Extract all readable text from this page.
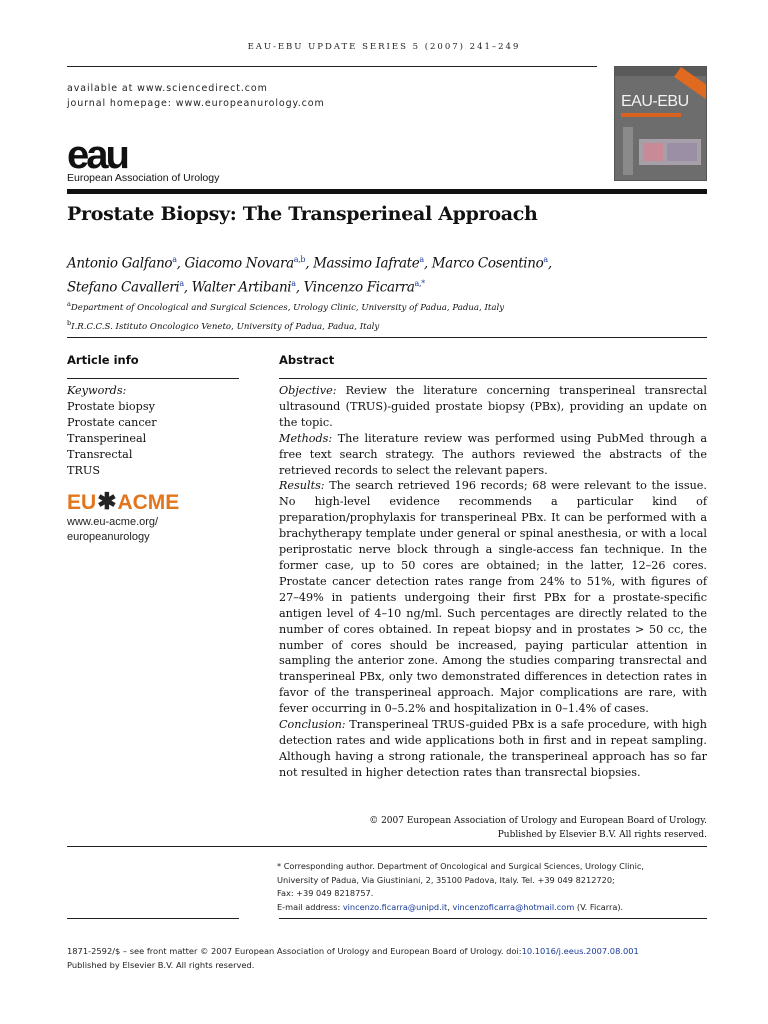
EAU-EBU UPDATE SERIES 5 (2007) 241–249
available at www.sciencedirect.com
journal homepage: www.europeanurology.com
eau
European Association of Urology
EAU-EBU
Prostate Biopsy: The Transperineal Approach
Antonio Galfano$^a$, Giacomo Novara$^{a,b}$, Massimo Iafrate$^a$, Marco Cosentino$^a$,
Stefano Cavalleri$^a$, Walter Artibani$^a$, Vincenzo Ficarra$^{a,*}$
$^a$Department of Oncological and Surgical Sciences, Urology Clinic, University of Padua, Padua, Italy
$^b$I.R.C.C.S. Istituto Oncologico Veneto, University of Padua, Padua, Italy
Article info	Abstract
Keywords:
Prostate biopsy
Prostate cancer
Transperineal
Transrectal
TRUS
EU✱ACME
www.eu-acme.org/
europeanurology

Objective: Review the literature concerning transperineal transrectal ultrasound (TRUS)-guided prostate biopsy (PBx), providing an update on the topic.

Methods: The literature review was performed using PubMed through a free text search strategy. The authors reviewed the abstracts of the retrieved records to select the relevant papers.

Results: The search retrieved 196 records; 68 were relevant to the issue. No high-level evidence recommends a particular kind of preparation/prophylaxis for transperineal PBx. It can be performed with a brachytherapy template under general or spinal anesthesia, or with a local periprostatic nerve block through a single-access fan technique. In the former case, up to 50 cores are obtained; in the latter, 12–26 cores. Prostate cancer detection rates range from 24% to 51%, with figures of 27–49% in patients undergoing their first PBx for a prostate-specific antigen level of 4–10 ng/ml. Such percentages are directly related to the number of cores obtained. In repeat biopsy and in prostates > 50 cc, the number of cores should be increased, paying particular attention in sampling the anterior zone. Among the studies comparing transrectal and transperineal PBx, only two demonstrated differences in detection rates in favor of the transperineal approach. Major complications are rare, with fever occurring in 0–5.2% and hospitalization in 0–1.4% of cases.

Conclusion: Transperineal TRUS-guided PBx is a safe procedure, with high detection rates and wide applications both in first and in repeat sampling. Although having a strong rationale, the transperineal approach has so far not resulted in higher detection rates than transrectal biopsies.

© 2007 European Association of Urology and European Board of Urology.
Published by Elsevier B.V. All rights reserved.
* Corresponding author. Department of Oncological and Surgical Sciences, Urology Clinic,
University of Padua, Via Giustiniani, 2, 35100 Padova, Italy. Tel. +39 049 8212720;
Fax: +39 049 8218757.
E-mail address: vincenzo.ficarra@unipd.it, vincenzoficarra@hotmail.com (V. Ficarra).
1871-2592/$ – see front matter © 2007 European Association of Urology and European Board of Urology. doi:10.1016/j.eeus.2007.08.001
Published by Elsevier B.V. All rights reserved.
